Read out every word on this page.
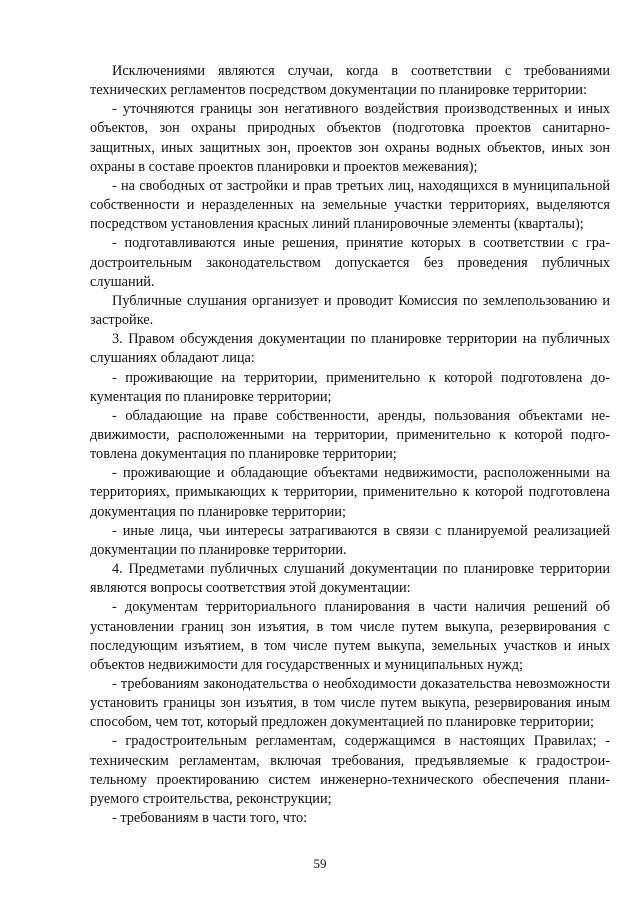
Исключениями являются случаи, когда в соответствии с требованиями технических регламентов посредством документации по планировке территории:

- уточняются границы зон негативного воздействия производственных и иных объектов, зон охраны природных объектов (подготовка проектов санитарно-защитных, иных защитных зон, проектов зон охраны водных объектов, иных зон охраны в составе проектов планировки и проектов межевания);

- на свободных от застройки и прав третьих лиц, находящихся в муниципальной собственности и неразделенных на земельные участки территориях, выделяются посредством установления красных линий планировочные элементы (кварталы);

- подготавливаются иные решения, принятие которых в соответствии с градостроительным законодательством допускается без проведения публичных слушаний.

Публичные слушания организует и проводит Комиссия по землепользованию и застройке.

3. Правом обсуждения документации по планировке территории на публичных слушаниях обладают лица:

- проживающие на территории, применительно к которой подготовлена документация по планировке территории;

- обладающие на праве собственности, аренды, пользования объектами недвижимости, расположенными на территории, применительно к которой подготовлена документация по планировке территории;

- проживающие и обладающие объектами недвижимости, расположенными на территориях, примыкающих к территории, применительно к которой подготовлена документация по планировке территории;

- иные лица, чьи интересы затрагиваются в связи с планируемой реализацией документации по планировке территории.

4. Предметами публичных слушаний документации по планировке территории являются вопросы соответствия этой документации:

- документам территориального планирования в части наличия решений об установлении границ зон изъятия, в том числе путем выкупа, резервирования с последующим изъятием, в том числе путем выкупа, земельных участков и иных объектов недвижимости для государственных и муниципальных нужд;

- требованиям законодательства о необходимости доказательства невозможности установить границы зон изъятия, в том числе путем выкупа, резервирования иным способом, чем тот, который предложен документацией по планировке территории;

- градостроительным регламентам, содержащимся в настоящих Правилах; - техническим регламентам, включая требования, предъявляемые к градостроительному проектированию систем инженерно-технического обеспечения планируемого строительства, реконструкции;

- требованиям в части того, что:

59
